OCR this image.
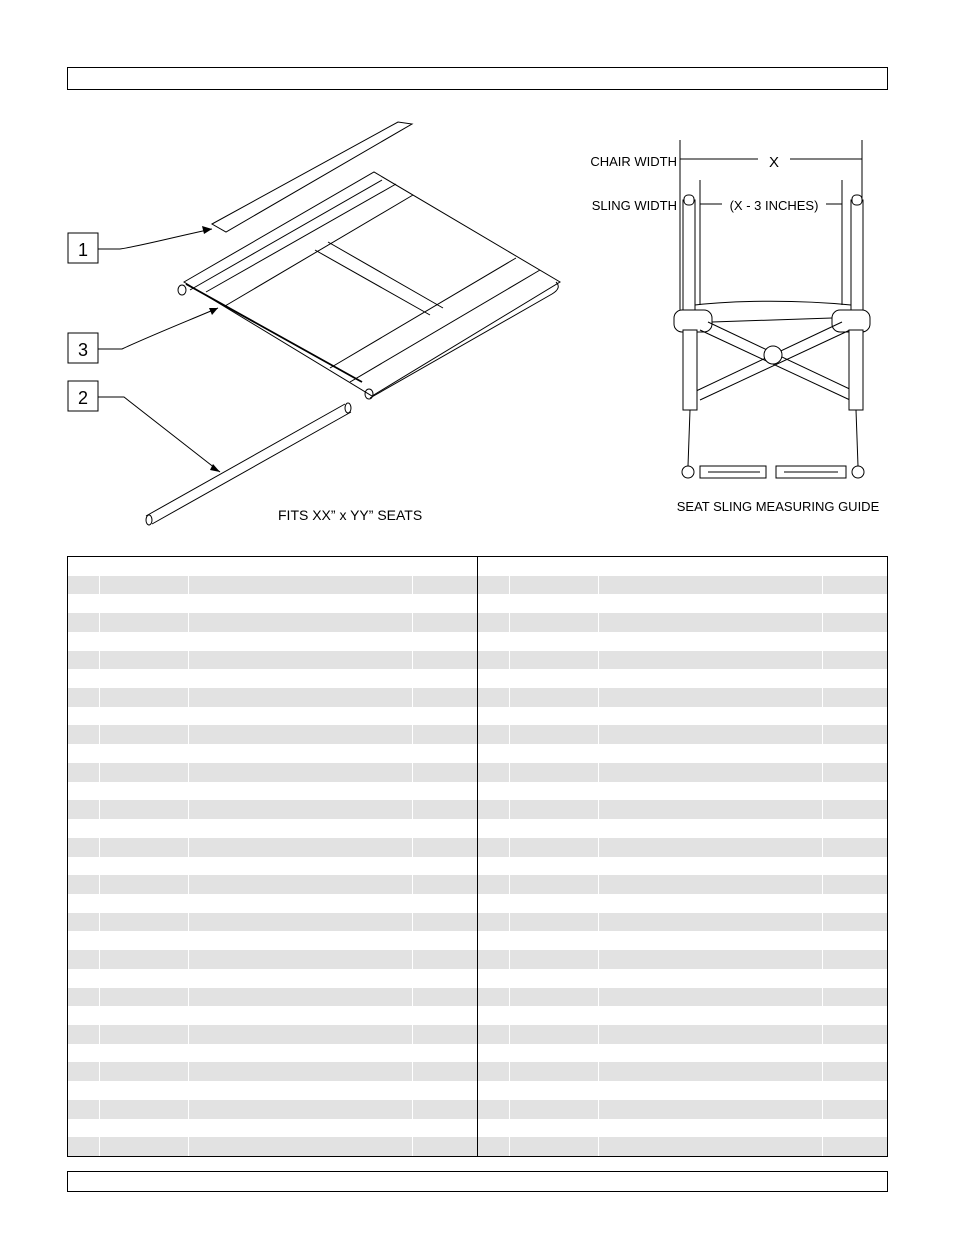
1
3
2
FITS XX” x YY” SEATS
CHAIR WIDTH	X
SLING WIDTH	(X - 3 INCHES)
SEAT SLING MEASURING GUIDE
